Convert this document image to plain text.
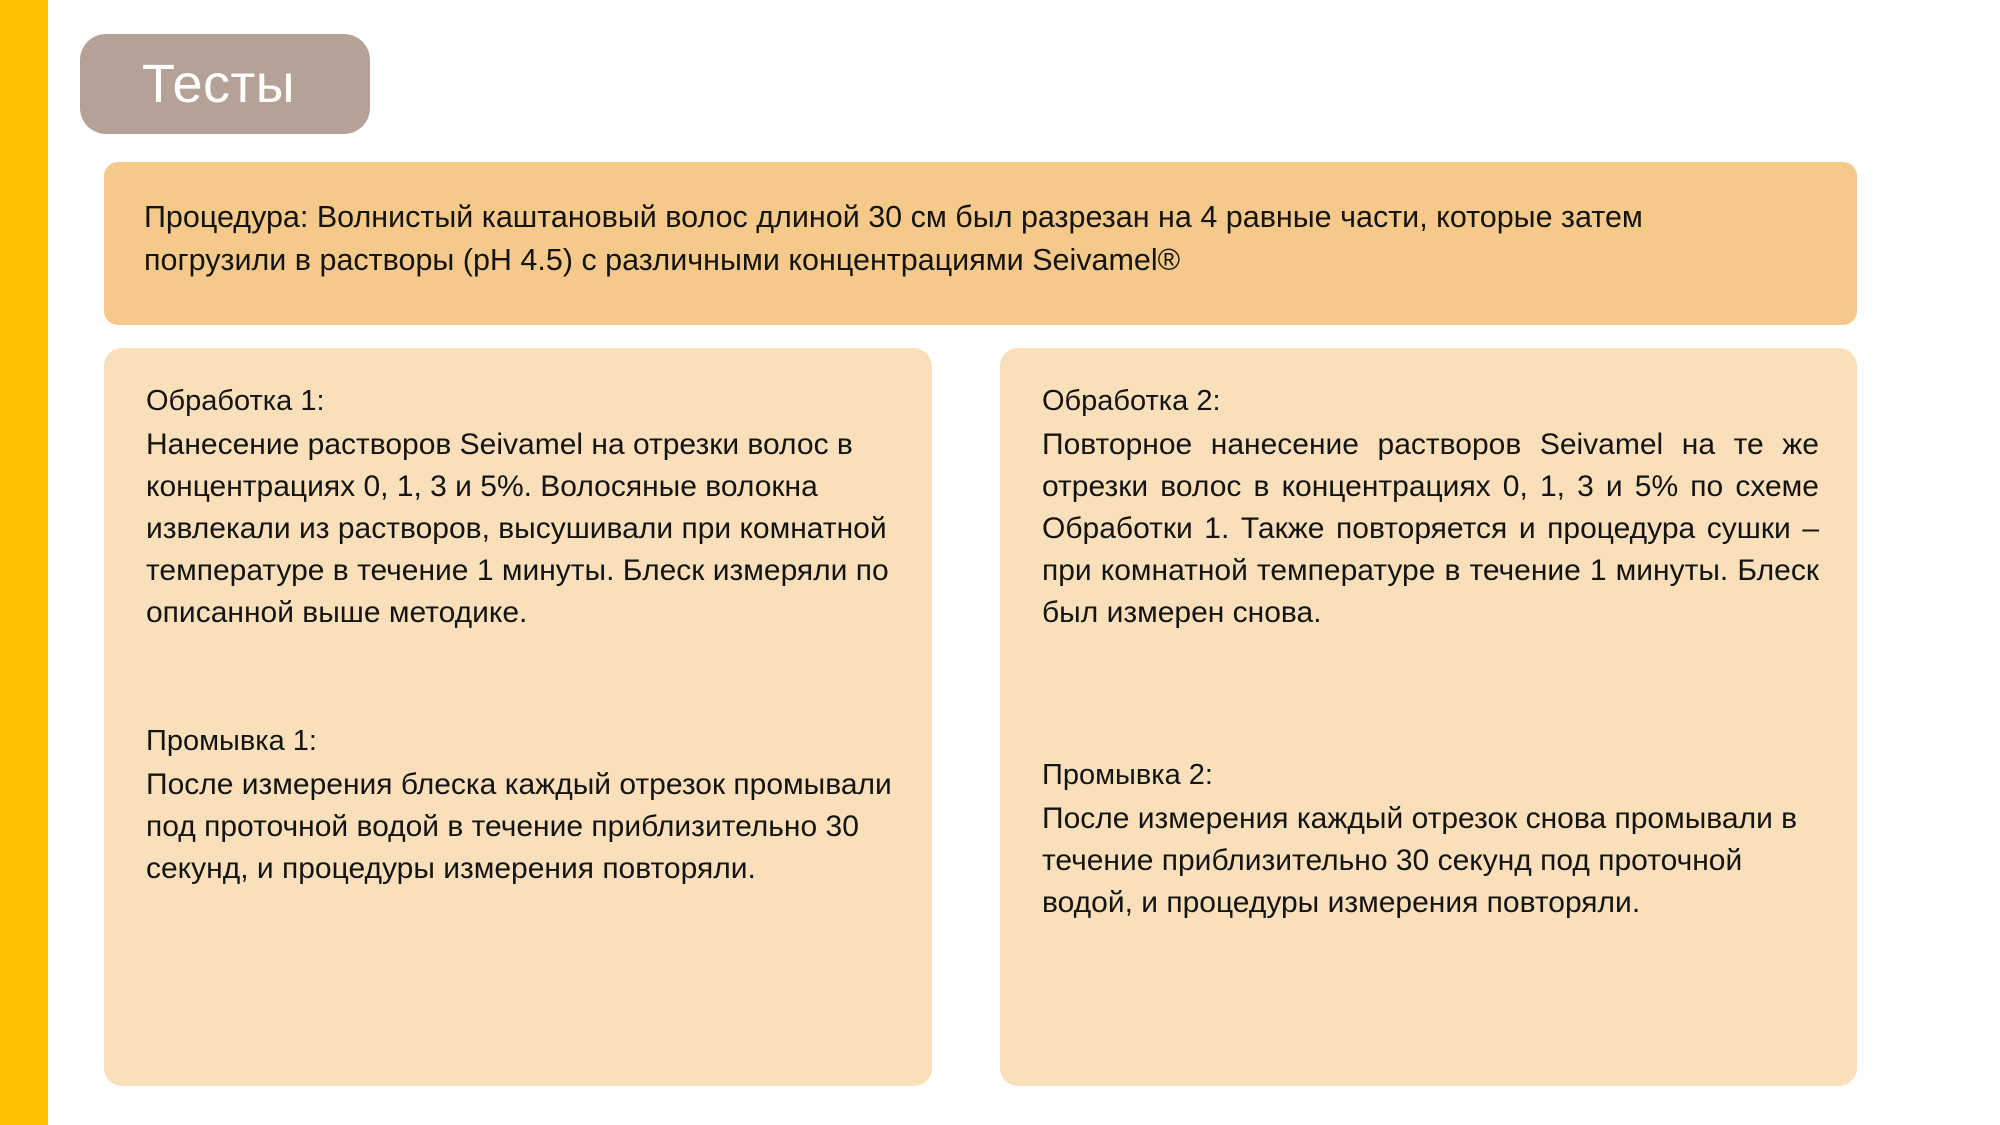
Тесты

Процедура: Волнистый каштановый волос длиной 30 см был разрезан на 4 равные части, которые затем погрузили в растворы (pH 4.5) с различными концентрациями Seivamel®

Обработка 1:

Нанесение растворов Seivamel на отрезки волос в концентрациях 0, 1, 3 и 5%. Волосяные волокна извлекали из растворов, высушивали при комнатной температуре в течение 1 минуты. Блеск измеряли по описанной выше методике.

Промывка 1:

После измерения блеска каждый отрезок промывали под проточной водой в течение приблизительно 30 секунд, и процедуры измерения повторяли.

Обработка 2:

Повторное нанесение растворов Seivamel на те же отрезки волос в концентрациях 0, 1, 3 и 5% по схеме Обработки 1. Также повторяется и процедура сушки – при комнатной температуре в течение 1 минуты. Блеск был измерен снова.

Промывка 2:

После измерения каждый отрезок снова промывали в течение приблизительно 30 секунд под проточной водой, и процедуры измерения повторяли.
